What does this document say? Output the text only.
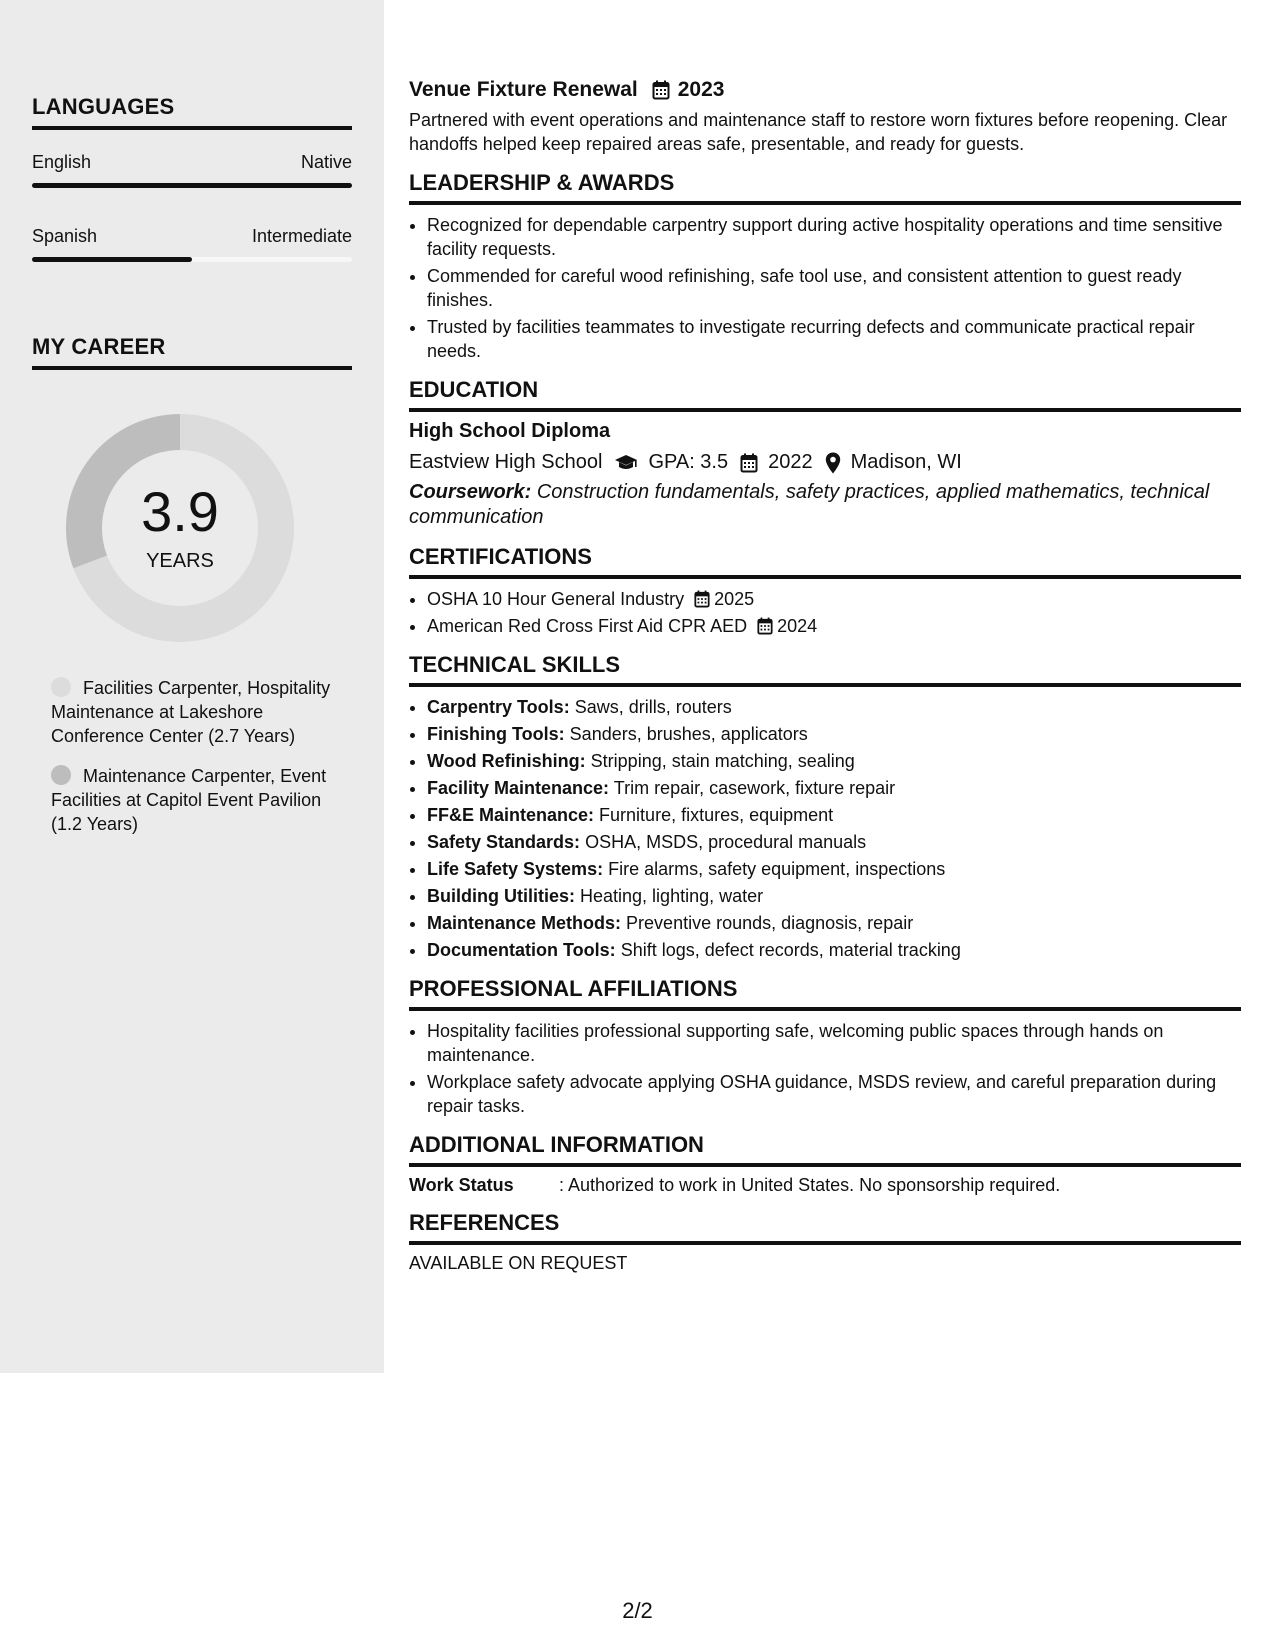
LANGUAGES
English	Native
Spanish	Intermediate
MY CAREER
3.9
YEARS
Facilities Carpenter, Hospitality Maintenance at Lakeshore Conference Center (2.7 Years)
Maintenance Carpenter, Event Facilities at Capitol Event Pavilion (1.2 Years)
Venue Fixture Renewal 2023
Partnered with event operations and maintenance staff to restore worn fixtures before reopening. Clear handoffs helped keep repaired areas safe, presentable, and ready for guests.
LEADERSHIP & AWARDS
• Recognized for dependable carpentry support during active hospitality operations and time sensitive facility requests.
• Commended for careful wood refinishing, safe tool use, and consistent attention to guest ready finishes.
• Trusted by facilities teammates to investigate recurring defects and communicate practical repair needs.
EDUCATION
High School Diploma
Eastview High School GPA: 3.5 2022 Madison, WI
Coursework: Construction fundamentals, safety practices, applied mathematics, technical communication
CERTIFICATIONS
• OSHA 10 Hour General Industry 2025
• American Red Cross First Aid CPR AED 2024
TECHNICAL SKILLS
• Carpentry Tools: Saws, drills, routers
• Finishing Tools: Sanders, brushes, applicators
• Wood Refinishing: Stripping, stain matching, sealing
• Facility Maintenance: Trim repair, casework, fixture repair
• FF&E Maintenance: Furniture, fixtures, equipment
• Safety Standards: OSHA, MSDS, procedural manuals
• Life Safety Systems: Fire alarms, safety equipment, inspections
• Building Utilities: Heating, lighting, water
• Maintenance Methods: Preventive rounds, diagnosis, repair
• Documentation Tools: Shift logs, defect records, material tracking
PROFESSIONAL AFFILIATIONS
• Hospitality facilities professional supporting safe, welcoming public spaces through hands on maintenance.
• Workplace safety advocate applying OSHA guidance, MSDS review, and careful preparation during repair tasks.
ADDITIONAL INFORMATION
Work Status	: Authorized to work in United States. No sponsorship required.
REFERENCES
AVAILABLE ON REQUEST
2/2
